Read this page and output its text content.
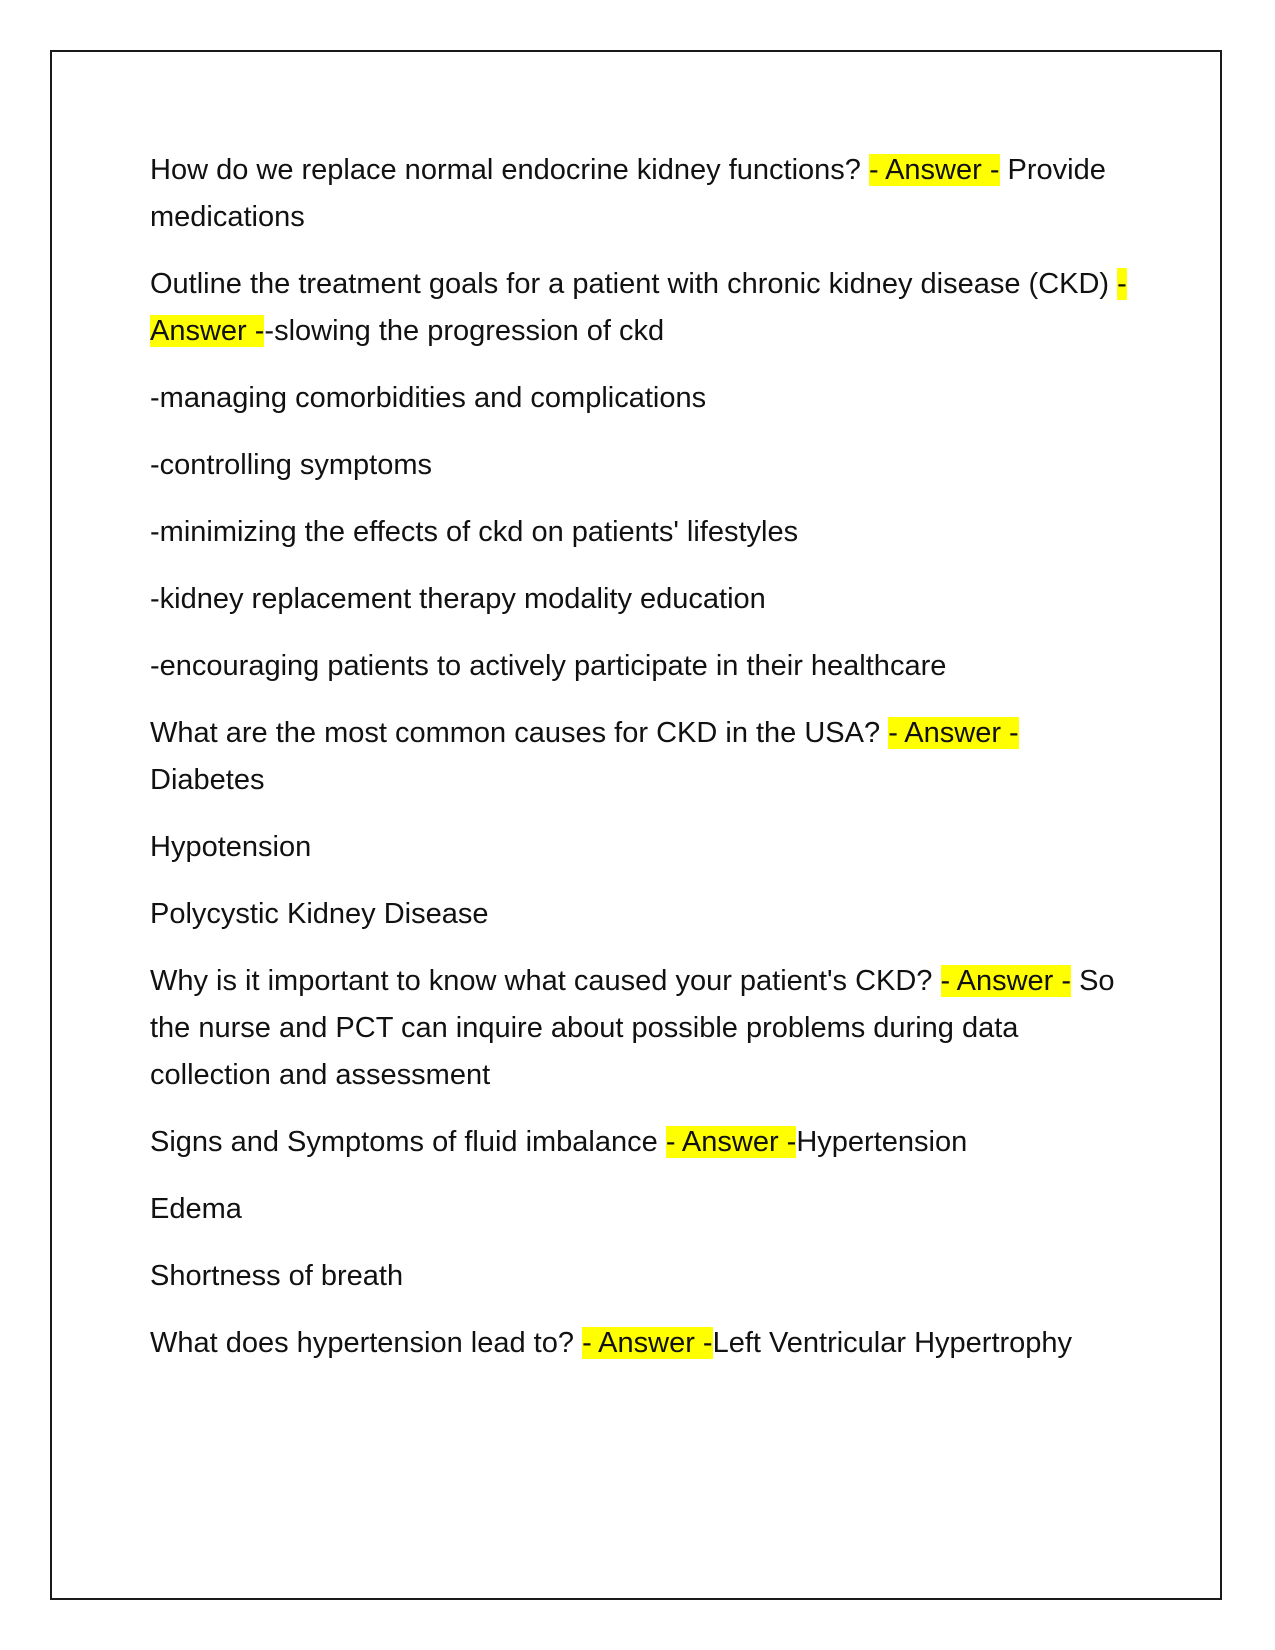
How do we replace normal endocrine kidney functions? - Answer - Provide medications

Outline the treatment goals for a patient with chronic kidney disease (CKD) - Answer --slowing the progression of ckd

-managing comorbidities and complications

-controlling symptoms

-minimizing the effects of ckd on patients' lifestyles

-kidney replacement therapy modality education

-encouraging patients to actively participate in their healthcare

What are the most common causes for CKD in the USA? - Answer - Diabetes

Hypotension

Polycystic Kidney Disease

Why is it important to know what caused your patient's CKD? - Answer - So the nurse and PCT can inquire about possible problems during data collection and assessment

Signs and Symptoms of fluid imbalance - Answer -Hypertension

Edema

Shortness of breath

What does hypertension lead to? - Answer -Left Ventricular Hypertrophy
